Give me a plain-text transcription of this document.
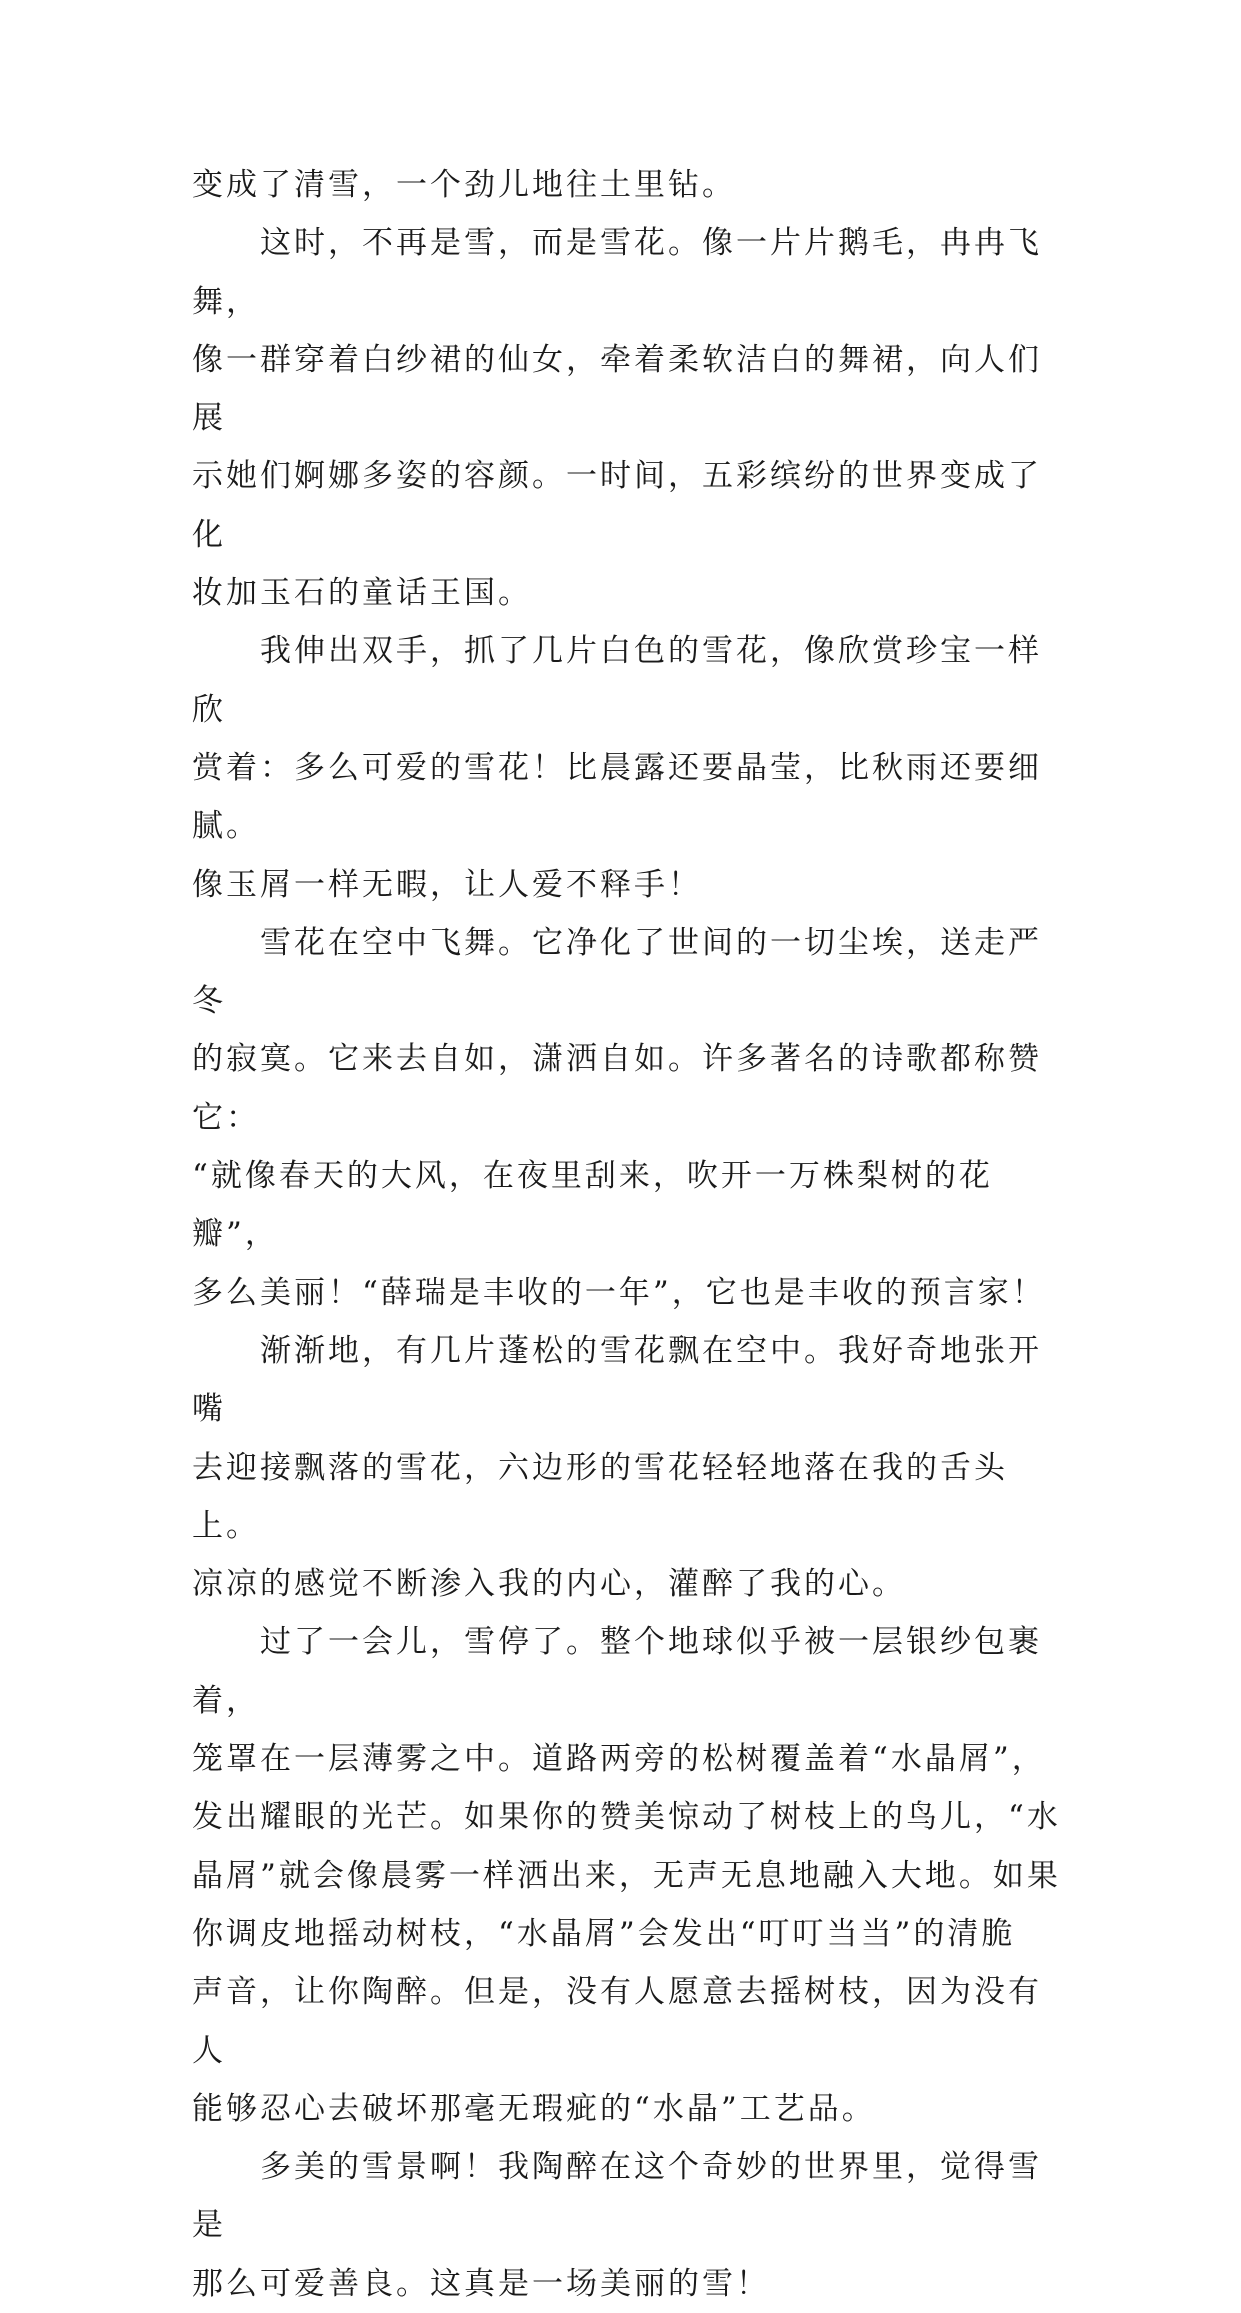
变成了清雪，一个劲儿地往土里钻。

　　这时，不再是雪，而是雪花。像一片片鹅毛，冉冉飞舞，
像一群穿着白纱裙的仙女，牵着柔软洁白的舞裙，向人们展
示她们婀娜多姿的容颜。一时间，五彩缤纷的世界变成了化
妆加玉石的童话王国。

　　我伸出双手，抓了几片白色的雪花，像欣赏珍宝一样欣
赏着：多么可爱的雪花！比晨露还要晶莹，比秋雨还要细腻。
像玉屑一样无暇，让人爱不释手！

　　雪花在空中飞舞。它净化了世间的一切尘埃，送走严冬
的寂寞。它来去自如，潇洒自如。许多著名的诗歌都称赞它：
“就像春天的大风，在夜里刮来，吹开一万株梨树的花瓣”，
多么美丽！“薛瑞是丰收的一年”，它也是丰收的预言家！

　　渐渐地，有几片蓬松的雪花飘在空中。我好奇地张开嘴
去迎接飘落的雪花，六边形的雪花轻轻地落在我的舌头上。
凉凉的感觉不断渗入我的内心，灌醉了我的心。

　　过了一会儿，雪停了。整个地球似乎被一层银纱包裹着，
笼罩在一层薄雾之中。道路两旁的松树覆盖着“水晶屑”，
发出耀眼的光芒。如果你的赞美惊动了树枝上的鸟儿，“水
晶屑”就会像晨雾一样洒出来，无声无息地融入大地。如果
你调皮地摇动树枝，“水晶屑”会发出“叮叮当当”的清脆
声音，让你陶醉。但是，没有人愿意去摇树枝，因为没有人
能够忍心去破坏那毫无瑕疵的“水晶”工艺品。

　　多美的雪景啊！我陶醉在这个奇妙的世界里，觉得雪是
那么可爱善良。这真是一场美丽的雪！
